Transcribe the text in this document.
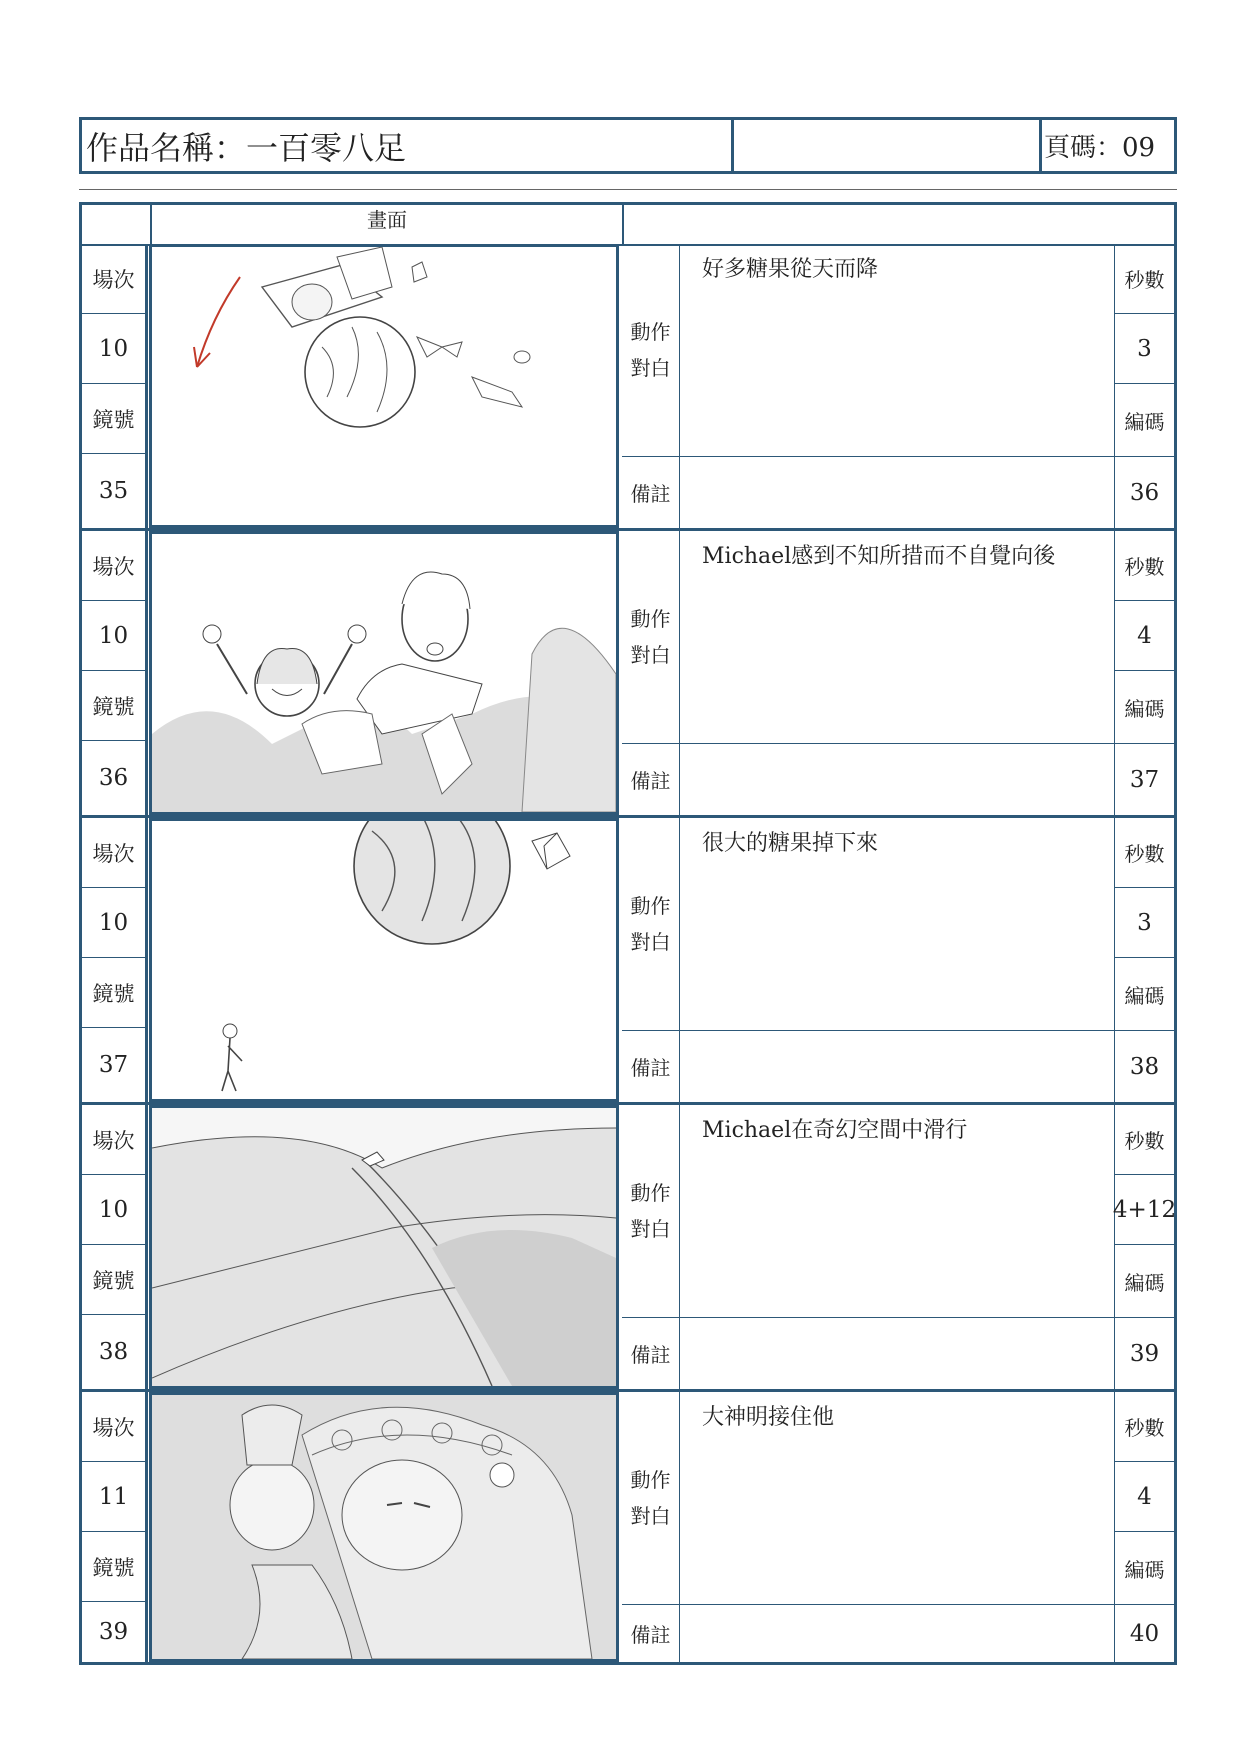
作品名稱：一百零八足	頁碼：09
畫面
場次
10
鏡號
35
動作
對白
好多糖果從天而降
備註
秒數
3
編碼
36
場次
10
鏡號
36
動作
對白
Michael感到不知所措而不自覺向後
備註
秒數
4
編碼
37
場次
10
鏡號
37
動作
對白
很大的糖果掉下來
備註
秒數
3
編碼
38
場次
10
鏡號
38
動作
對白
Michael在奇幻空間中滑行
備註
秒數
4+12
編碼
39
場次
11
鏡號
39
動作
對白
大神明接住他
備註
秒數
4
編碼
40
